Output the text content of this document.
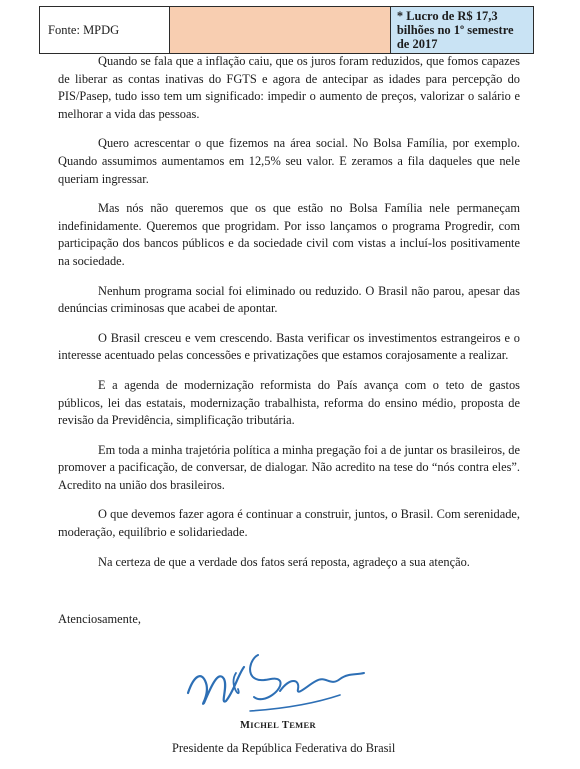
Fonte: MPDG		* Lucro de R$ 17,3 bilhões no 1º semestre de 2017

Quando se fala que a inflação caiu, que os juros foram reduzidos, que fomos capazes de liberar as contas inativas do FGTS e agora de antecipar as idades para percepção do PIS/Pasep, tudo isso tem um significado: impedir o aumento de preços, valorizar o salário e melhorar a vida das pessoas.

Quero acrescentar o que fizemos na área social. No Bolsa Família, por exemplo. Quando assumimos aumentamos em 12,5% seu valor. E zeramos a fila daqueles que nele queriam ingressar.

Mas nós não queremos que os que estão no Bolsa Família nele permaneçam indefinidamente. Queremos que progridam. Por isso lançamos o programa Progredir, com participação dos bancos públicos e da sociedade civil com vistas a incluí-los positivamente na sociedade.

Nenhum programa social foi eliminado ou reduzido. O Brasil não parou, apesar das denúncias criminosas que acabei de apontar.

O Brasil cresceu e vem crescendo. Basta verificar os investimentos estrangeiros e o interesse acentuado pelas concessões e privatizações que estamos corajosamente a realizar.

E a agenda de modernização reformista do País avança com o teto de gastos públicos, lei das estatais, modernização trabalhista, reforma do ensino médio, proposta de revisão da Previdência, simplificação tributária.

Em toda a minha trajetória política a minha pregação foi a de juntar os brasileiros, de promover a pacificação, de conversar, de dialogar. Não acredito na tese do “nós contra eles”. Acredito na união dos brasileiros.

O que devemos fazer agora é continuar a construir, juntos, o Brasil. Com serenidade, moderação, equilíbrio e solidariedade.

Na certeza de que a verdade dos fatos será reposta, agradeço a sua atenção.

Atenciosamente,
MICHEL TEMER
Presidente da República Federativa do Brasil
